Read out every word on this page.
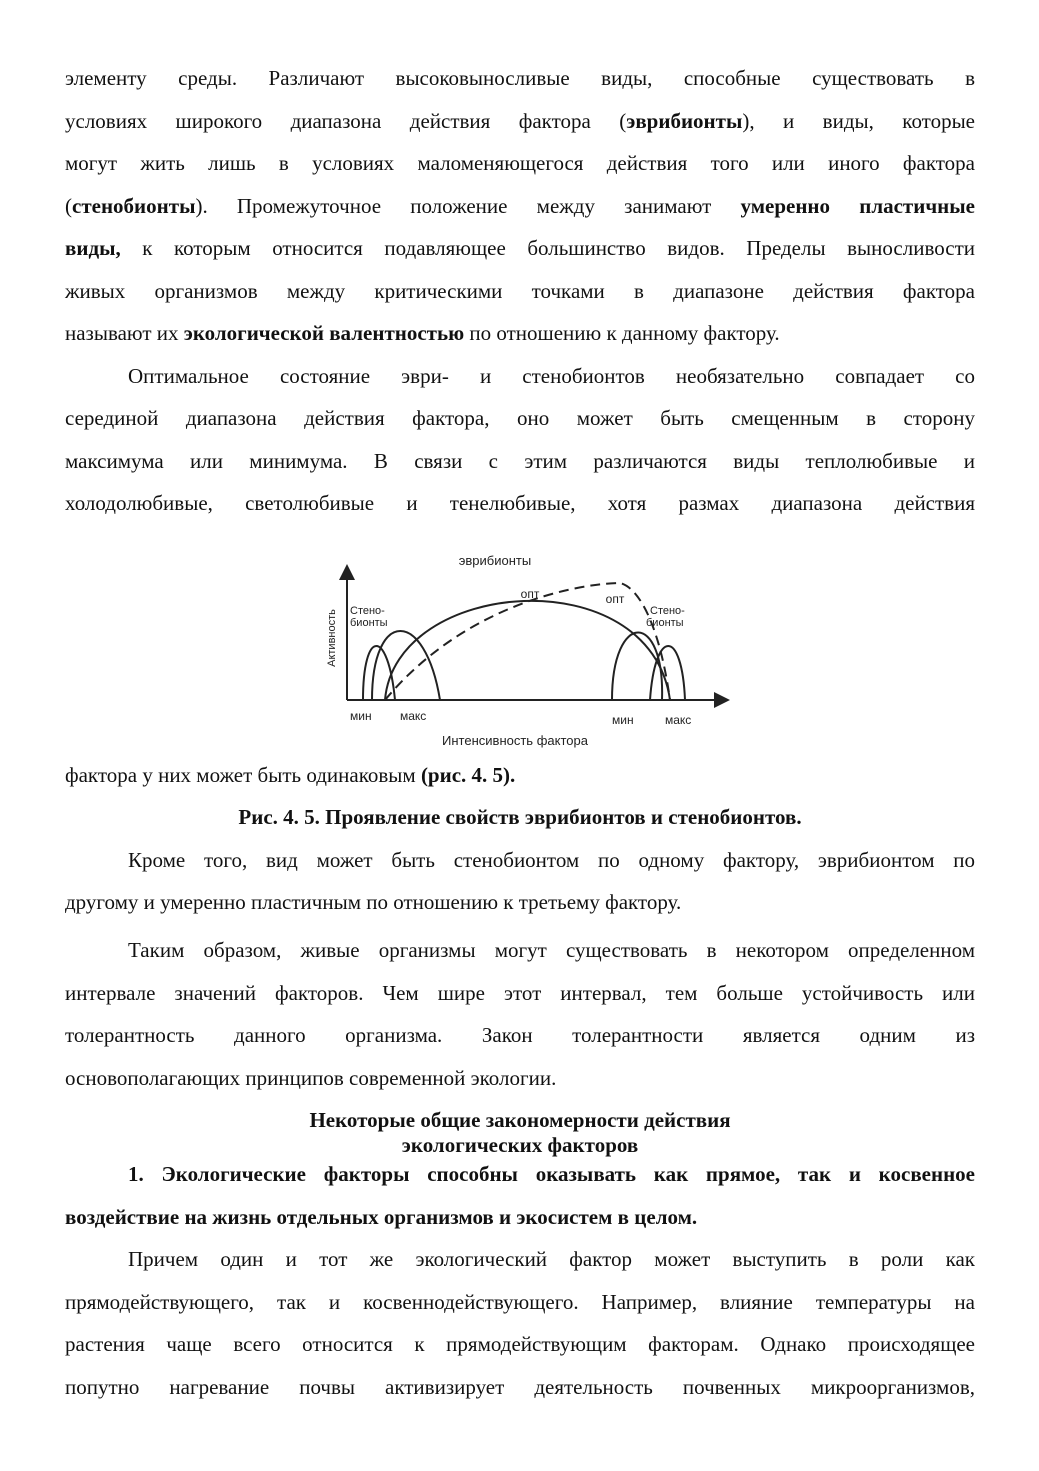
элементу среды. Различают высоковыносливые виды, способные существовать в
условиях широкого диапазона действия фактора (эврибионты), и виды, которые
могут жить лишь в условиях маломеняющегося действия того или иного фактора
(стенобионты). Промежуточное положение между занимают умеренно пластичные
виды, к которым относится подавляющее большинство видов. Пределы выносливости
живых организмов между критическими точками в диапазоне действия фактора
называют их экологической валентностью по отношению к данному фактору.
Оптимальное состояние эври- и стенобионтов необязательно совпадает со
серединой диапазона действия фактора, оно может быть смещенным в сторону
максимума или минимума. В связи с этим различаются виды теплолюбивые и
холодолюбивые, светолюбивые и тенелюбивые, хотя размах диапазона действия
эврибионты
опт	опт
Стено-
бионты
Стено-
бионты
Активность
мин макс	мин	макс
Интенсивность фактора
фактора у них может быть одинаковым (рис. 4. 5).
Рис. 4. 5. Проявление свойств эврибионтов и стенобионтов.
Кроме того, вид может быть стенобионтом по одному фактору, эврибионтом по
другому и умеренно пластичным по отношению к третьему фактору.
Таким образом, живые организмы могут существовать в некотором определенном
интервале значений факторов. Чем шире этот интервал, тем больше устойчивость или
толерантность данного организма. Закон толерантности является одним из
основополагающих принципов современной экологии.
Некоторые общие закономерности действия
экологических факторов
1. Экологические факторы способны оказывать как прямое, так и косвенное
воздействие на жизнь отдельных организмов и экосистем в целом.
Причем один и тот же экологический фактор может выступить в роли как
прямодействующего, так и косвеннодействующего. Например, влияние температуры на
растения чаще всего относится к прямодействующим факторам. Однако происходящее
попутно нагревание почвы активизирует деятельность почвенных микроорганизмов,
